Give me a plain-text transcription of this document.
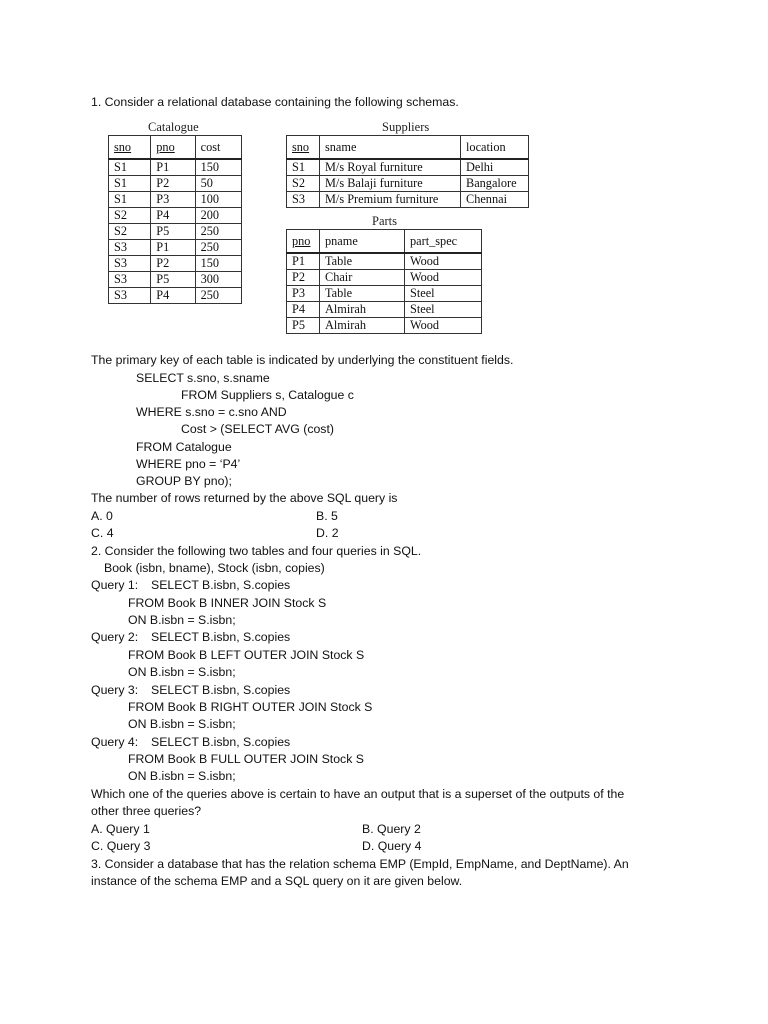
1. Consider a relational database containing the following schemas.
Catalogue
sno	pno	cost
S1	P1	150
S1	P2	50
S1	P3	100
S2	P4	200
S2	P5	250
S3	P1	250
S3	P2	150
S3	P5	300
S3	P4	250
Suppliers
sno	sname	location
S1	M/s Royal furniture	Delhi
S2	M/s Balaji furniture	Bangalore
S3	M/s Premium furniture	Chennai
Parts
pno	pname	part_spec
P1	Table	Wood
P2	Chair	Wood
P3	Table	Steel
P4	Almirah	Steel
P5	Almirah	Wood
The primary key of each table is indicated by underlying the constituent fields.
SELECT s.sno, s.sname
FROM Suppliers s, Catalogue c
WHERE s.sno = c.sno AND
Cost > (SELECT AVG (cost)
FROM Catalogue
WHERE pno = ‘P4’
GROUP BY pno);
The number of rows returned by the above SQL query is
A. 0	B. 5
C. 4	D. 2
2. Consider the following two tables and four queries in SQL.
Book (isbn, bname), Stock (isbn, copies)
Query 1: SELECT B.isbn, S.copies
FROM Book B INNER JOIN Stock S
ON B.isbn = S.isbn;
Query 2: SELECT B.isbn, S.copies
FROM Book B LEFT OUTER JOIN Stock S
ON B.isbn = S.isbn;
Query 3: SELECT B.isbn, S.copies
FROM Book B RIGHT OUTER JOIN Stock S
ON B.isbn = S.isbn;
Query 4: SELECT B.isbn, S.copies
FROM Book B FULL OUTER JOIN Stock S
ON B.isbn = S.isbn;
Which one of the queries above is certain to have an output that is a superset of the outputs of the
other three queries?
A. Query 1	B. Query 2
C. Query 3	D. Query 4
3. Consider a database that has the relation schema EMP (EmpId, EmpName, and DeptName). An
instance of the schema EMP and a SQL query on it are given below.
